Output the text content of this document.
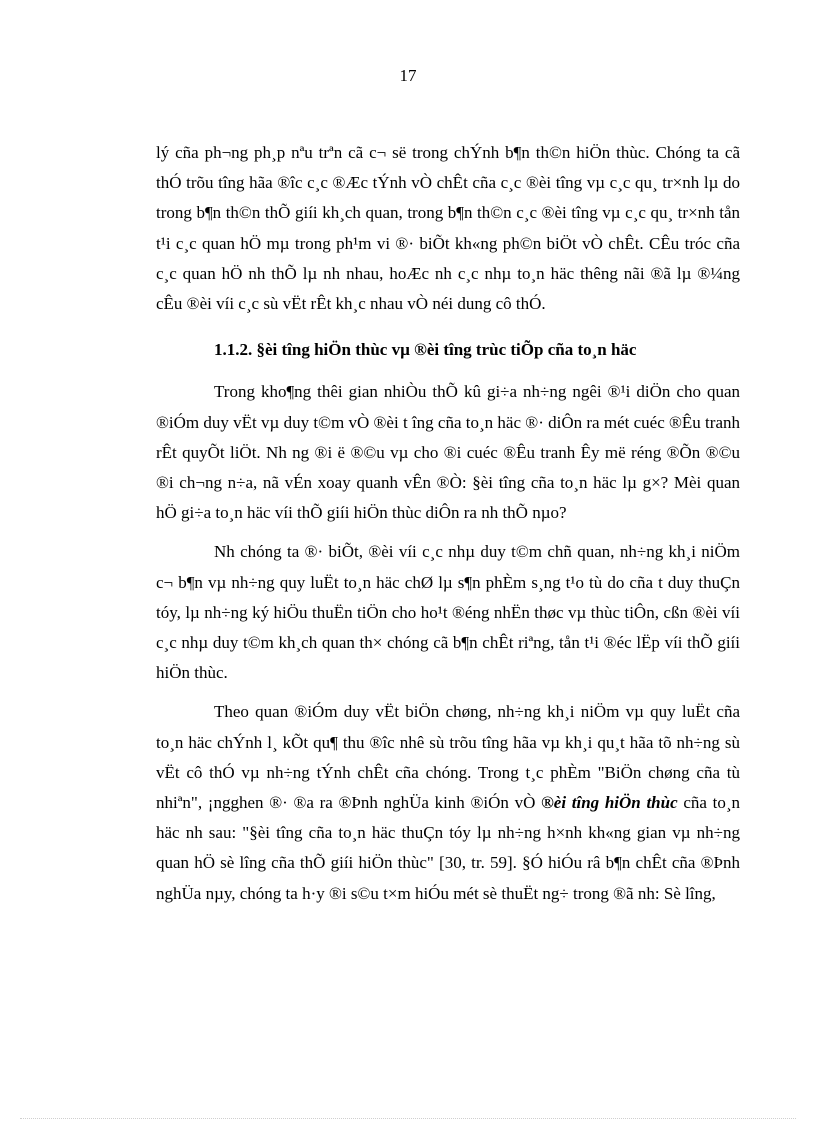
17

lý cña ph¬ng ph¸p nªu trªn cã c¬ së trong chÝnh b¶n th©n hiÖn thùc. Chóng ta cã thÓ trõu tîng hãa ®îc c¸c ®Æc tÝnh vÒ chÊt cña c¸c ®èi tîng vµ c¸c qu¸ tr×nh lµ do trong b¶n th©n thÕ giíi kh¸ch quan, trong b¶n th©n c¸c ®èi tîng vµ c¸c qu¸ tr×nh tån t¹i c¸c quan hÖ mµ trong ph¹m vi ®· biÕt kh«ng ph©n biÖt vÒ chÊt. CÊu tróc cña c¸c quan hÖ nh thÕ lµ nh nhau, hoÆc nh c¸c nhµ to¸n häc thêng nãi ®ã lµ ®¼ng cÊu ®èi víi c¸c sù vËt rÊt kh¸c nhau vÒ néi dung cô thÓ.

1.1.2. §èi tîng hiÖn thùc vµ ®èi tîng trùc tiÕp cña to¸n häc

Trong kho¶ng thêi gian nhiÒu thÕ kû gi÷a nh÷ng ngêi ®¹i diÖn cho quan ®iÓm duy vËt vµ duy t©m vÒ ®èi t îng cña to¸n häc ®· diÔn ra mét cuéc ®Êu tranh rÊt quyÕt liÖt. Nh ng ®i ë ®©u vµ cho ®i cuéc ®Êu tranh Êy më réng ®Õn ®©u ®i ch¬ng n÷a, nã vÉn xoay quanh vÊn ®Ò: §èi tîng cña to¸n häc lµ g×? Mèi quan hÖ gi÷a to¸n häc víi thÕ giíi hiÖn thùc diÔn ra nh thÕ nµo?

Nh chóng ta ®· biÕt, ®èi víi c¸c nhµ duy t©m chñ quan, nh÷ng kh¸i niÖm c¬ b¶n vµ nh÷ng quy luËt to¸n häc chØ lµ s¶n phÈm s¸ng t¹o tù do cña t duy thuÇn tóy, lµ nh÷ng ký hiÖu thuËn tiÖn cho ho¹t ®éng nhËn thøc vµ thùc tiÔn, cßn ®èi víi c¸c nhµ duy t©m kh¸ch quan th× chóng cã b¶n chÊt riªng, tån t¹i ®éc lËp víi thÕ giíi hiÖn thùc.

Theo quan ®iÓm duy vËt biÖn chøng, nh÷ng kh¸i niÖm vµ quy luËt cña to¸n häc chÝnh l¸ kÕt qu¶ thu ®îc nhê sù trõu tîng hãa vµ kh¸i qu¸t hãa tõ nh÷ng sù vËt cô thÓ vµ nh÷ng tÝnh chÊt cña chóng. Trong t¸c phÈm "BiÖn chøng cña tù nhiªn", ¡ngghen ®· ®a ra ®Þnh nghÜa kinh ®iÓn vÒ ®èi tîng hiÖn thùc cña to¸n häc nh sau: "§èi tîng cña to¸n häc thuÇn tóy lµ nh÷ng h×nh kh«ng gian vµ nh÷ng quan hÖ sè lîng cña thÕ giíi hiÖn thùc" [30, tr. 59]. §Ó hiÓu râ b¶n chÊt cña ®Þnh nghÜa nµy, chóng ta h·y ®i s©u t×m hiÓu mét sè thuËt ng÷ trong ®ã nh: Sè lîng,
